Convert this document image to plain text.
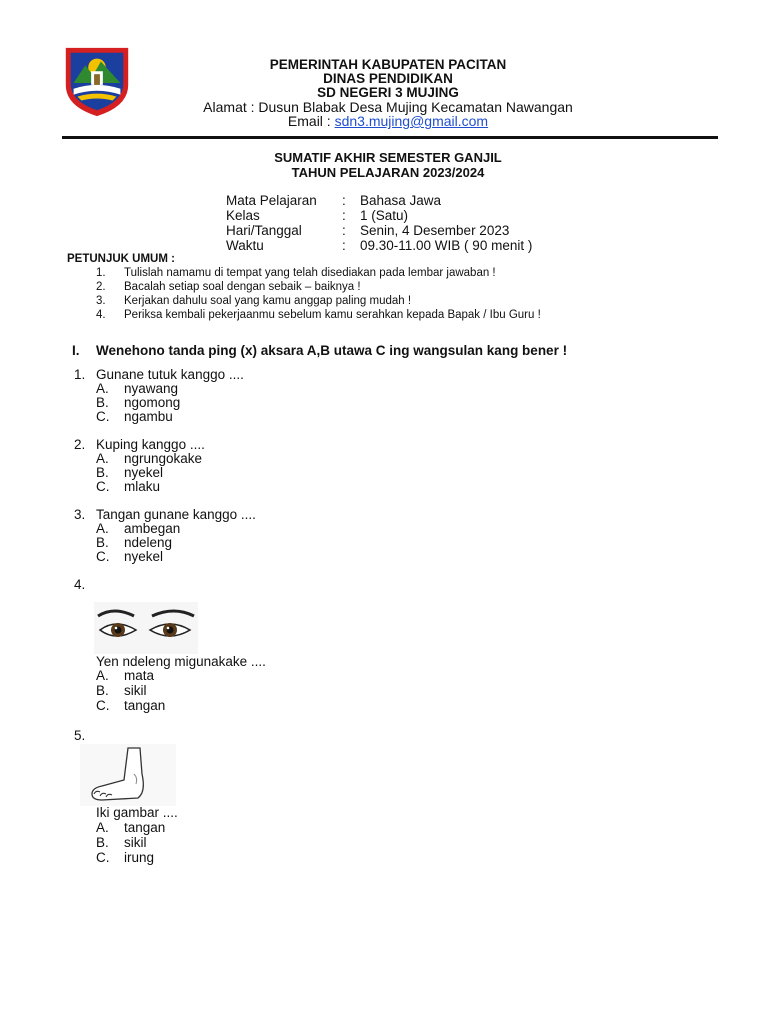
PEMERINTAH KABUPATEN PACITAN
DINAS PENDIDIKAN
SD NEGERI 3 MUJING
Alamat : Dusun Blabak Desa Mujing Kecamatan Nawangan
Email : sdn3.mujing@gmail.com
SUMATIF AKHIR SEMESTER GANJIL
TAHUN PELAJARAN 2023/2024
Mata Pelajaran	: Bahasa Jawa
Kelas	: 1 (Satu)
Hari/Tanggal	: Senin, 4 Desember 2023
Waktu	: 09.30-11.00 WIB ( 90 menit )
PETUNJUK UMUM :
1. Tulislah namamu di tempat yang telah disediakan pada lembar jawaban !
2. Bacalah setiap soal dengan sebaik – baiknya !
3. Kerjakan dahulu soal yang kamu anggap paling mudah !
4. Periksa kembali pekerjaanmu sebelum kamu serahkan kepada Bapak / Ibu Guru !
I. Wenehono tanda ping (x) aksara A,B utawa C ing wangsulan kang bener !
1. Gunane tutuk kanggo ....
A. nyawang
B. ngomong
C. ngambu
2. Kuping kanggo ....
A. ngrungokake
B. nyekel
C. mlaku
3. Tangan gunane kanggo ....
A. ambegan
B. ndeleng
C. nyekel
4.
Yen ndeleng migunakake ....
A. mata
B. sikil
C. tangan
5.
Iki gambar ....
A. tangan
B. sikil
C. irung
